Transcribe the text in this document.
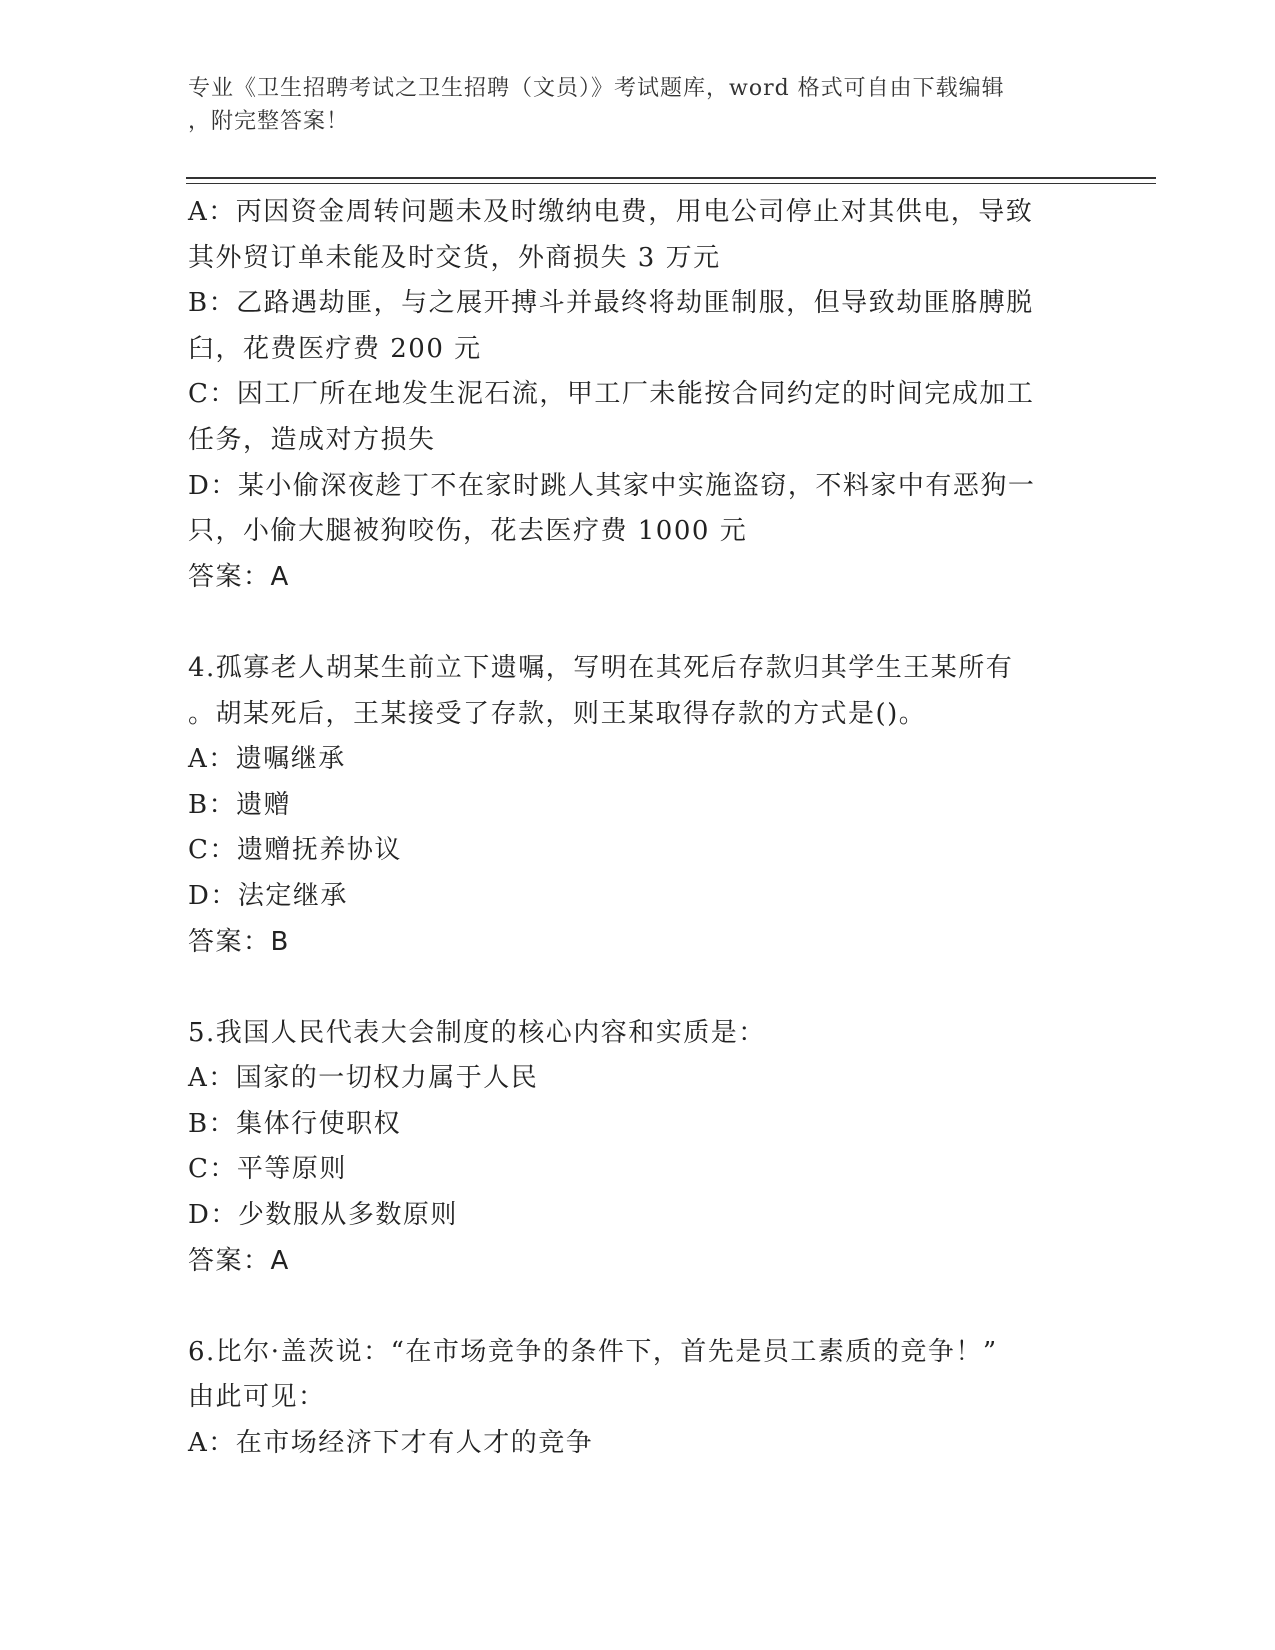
专业《卫生招聘考试之卫生招聘（文员）》考试题库，word 格式可自由下载编辑
，附完整答案！
A：丙因资金周转问题未及时缴纳电费，用电公司停止对其供电，导致
其外贸订单未能及时交货，外商损失 3 万元
B：乙路遇劫匪，与之展开搏斗并最终将劫匪制服，但导致劫匪胳膊脱
臼，花费医疗费 200 元
C：因工厂所在地发生泥石流，甲工厂未能按合同约定的时间完成加工
任务，造成对方损失
D：某小偷深夜趁丁不在家时跳人其家中实施盗窃，不料家中有恶狗一
只，小偷大腿被狗咬伤，花去医疗费 1000 元
答案：A
4.孤寡老人胡某生前立下遗嘱，写明在其死后存款归其学生王某所有
。胡某死后，王某接受了存款，则王某取得存款的方式是()。
A：遗嘱继承
B：遗赠
C：遗赠抚养协议
D：法定继承
答案：B
5.我国人民代表大会制度的核心内容和实质是：
A：国家的一切权力属于人民
B：集体行使职权
C：平等原则
D：少数服从多数原则
答案：A
6.比尔·盖茨说：“在市场竞争的条件下，首先是员工素质的竞争！”
由此可见：
A：在市场经济下才有人才的竞争
